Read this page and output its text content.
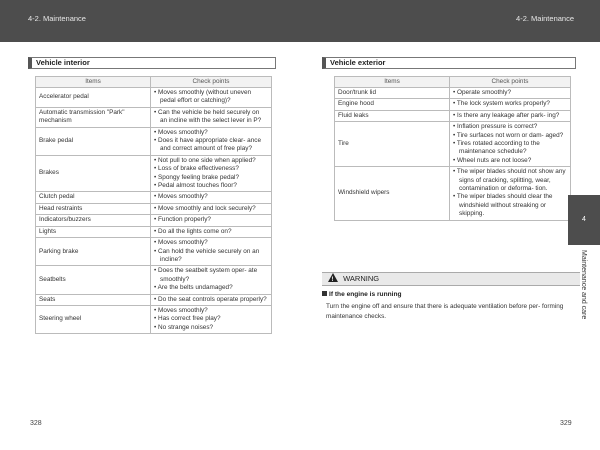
4-2. Maintenance	4-2. Maintenance
Vehicle interior
Items	Check points
Accelerator pedal	• Moves smoothly (without uneven pedal effort or catching)?

Automatic transmission "Park" mechanism	• Can the vehicle be held securely on an incline with the select lever in P?

Brake pedal	• Moves smoothly?
• Does it have appropriate clear- ance and correct amount of free play?

Brakes	• Not pull to one side when applied?
• Loss of brake effectiveness?
• Spongy feeling brake pedal?
• Pedal almost touches floor?

Clutch pedal	• Moves smoothly?

Head restraints	• Move smoothly and lock securely?

Indicators/buzzers	• Function properly?

Lights	• Do all the lights come on?

Parking brake	• Moves smoothly?
• Can hold the vehicle securely on an incline?

Seatbelts	• Does the seatbelt system oper- ate smoothly?
• Are the belts undamaged?

Seats	• Do the seat controls operate properly?

Steering wheel	• Moves smoothly?
• Has correct free play?
• No strange noises?
Vehicle exterior
Items	Check points
Door/trunk lid	• Operate smoothly?

Engine hood	• The lock system works properly?

Fluid leaks	• Is there any leakage after park- ing?

Tire	• Inflation pressure is correct?
• Tire surfaces not worn or dam- aged?
• Tires rotated according to the maintenance schedule?
• Wheel nuts are not loose?

Windshield wipers	• The wiper blades should not show any signs of cracking, splitting, wear, contamination or deforma- tion.
• The wiper blades should clear the windshield without streaking or skipping.
! WARNING
If the engine is running
Turn the engine off and ensure that there is adequate ventilation before per- forming maintenance checks.
4
Maintenance and care
328	329
